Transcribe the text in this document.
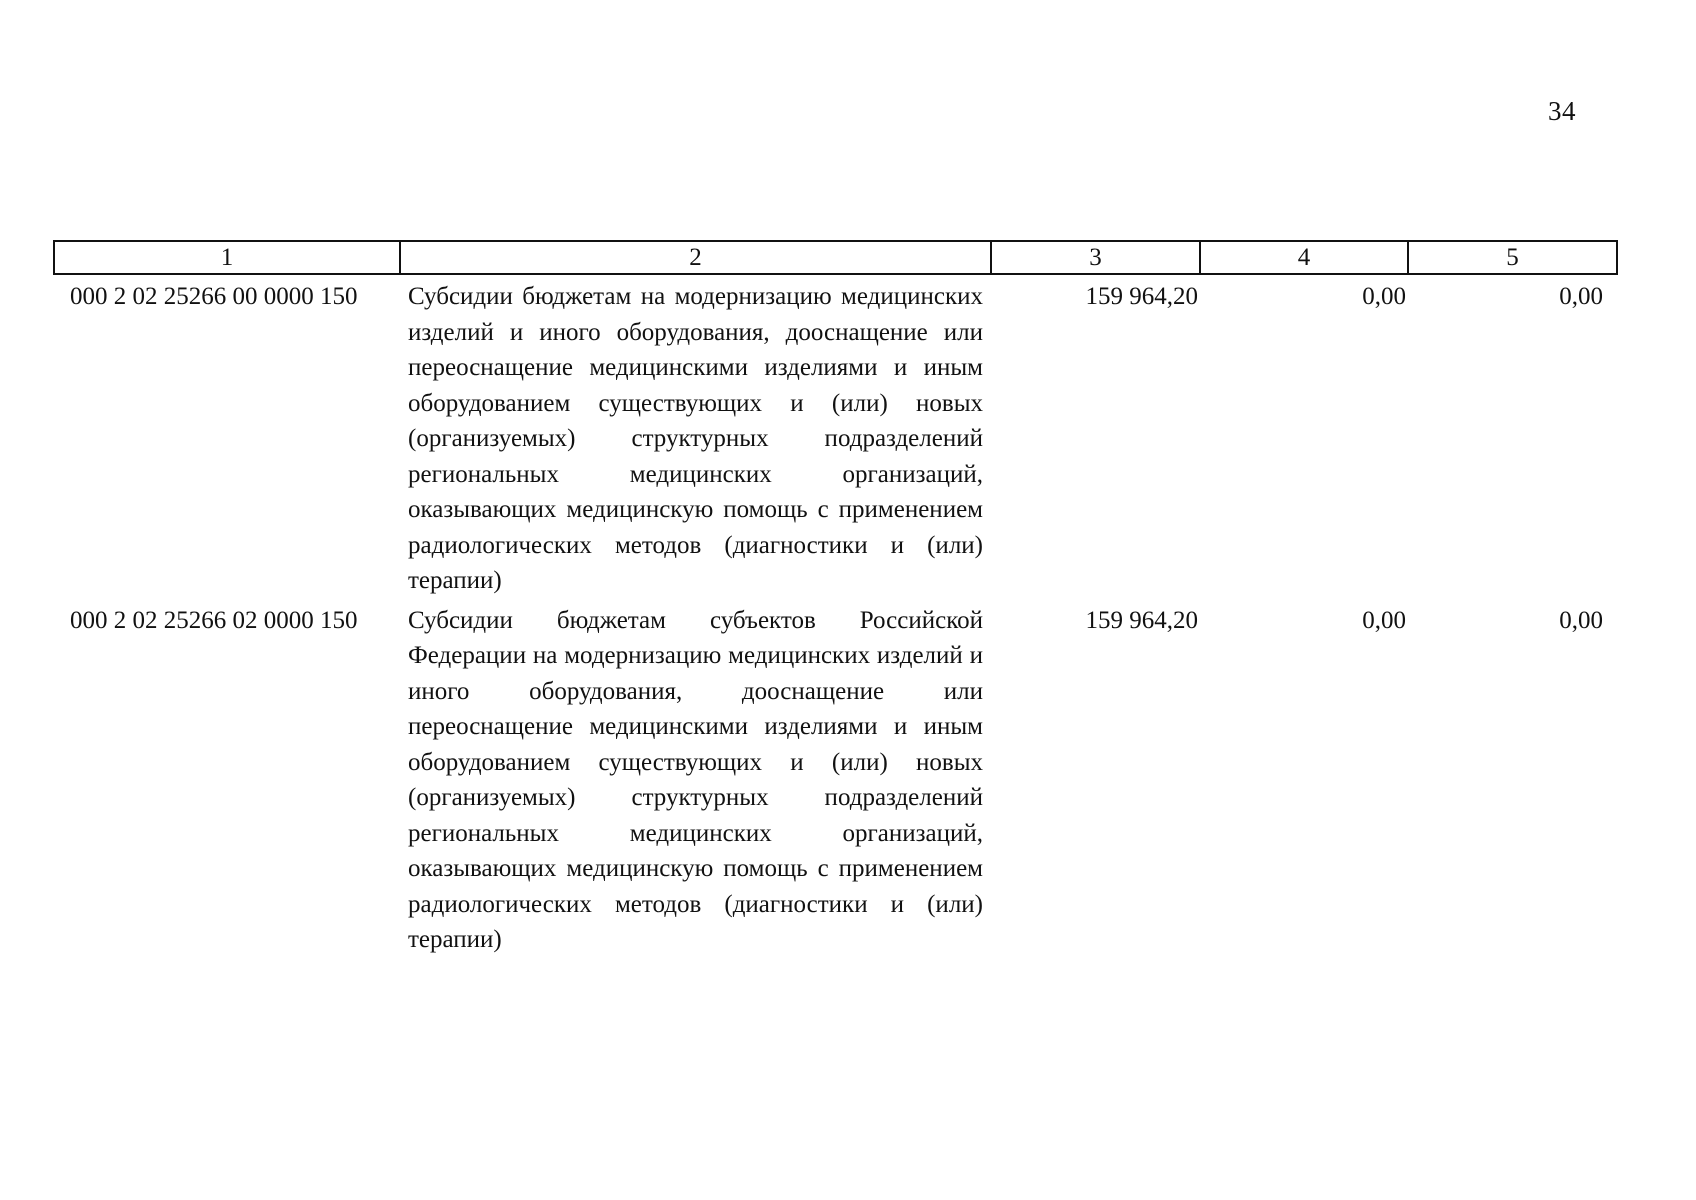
34
1	2	3	4	5
000 2 02 25266 00 0000 150	Субсидии бюджетам на модернизацию медицинских изделий и иного оборудования, дооснащение или переоснащение медицинскими изделиями и иным оборудованием существующих и (или) новых (организуемых) структурных подразделений региональных медицинских организаций, оказывающих медицинскую помощь с применением радиологических методов (диагностики и (или) терапии)	159 964,20	0,00	0,00
000 2 02 25266 02 0000 150	Субсидии бюджетам субъектов Российской Федерации на модернизацию медицинских изделий и иного оборудования, дооснащение или переоснащение медицинскими изделиями и иным оборудованием существующих и (или) новых (организуемых) структурных подразделений региональных медицинских организаций, оказывающих медицинскую помощь с применением радиологических методов (диагностики и (или) терапии)	159 964,20	0,00	0,00
